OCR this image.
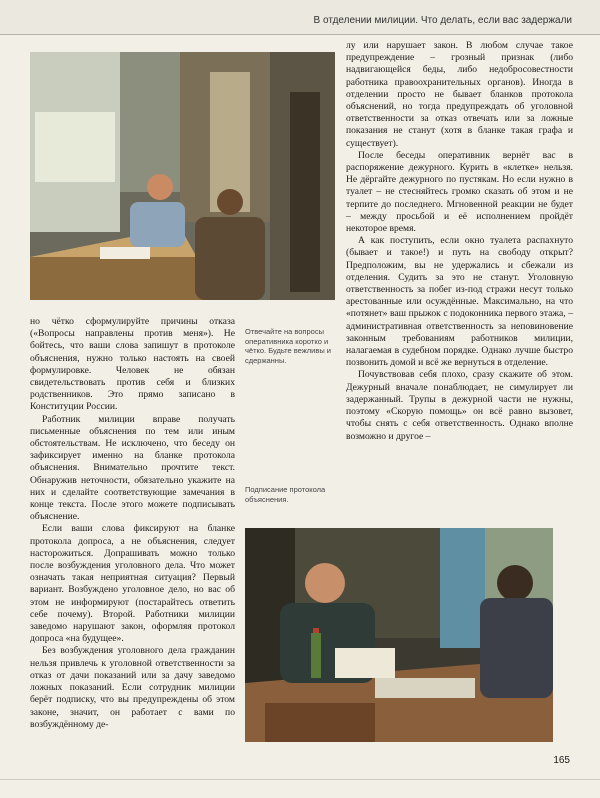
В отделении милиции. Что делать, если вас задержали
Отвечайте на вопросы оперативника коротко и чётко. Будьте вежливы и сдержанны.
Подписание протокола объяснения.

лу или нарушает закон. В любом случае такое предупреждение – грозный признак (либо надвигающейся беды, либо недобросовестности работника правоохранительных органов). Иногда в отделении просто не бывает бланков протокола объяснений, но тогда предупреждать об уголовной ответственности за отказ отвечать или за ложные показания не станут (хотя в бланке такая графа и существует).

После беседы оперативник вернёт вас в распоряжение дежурного. Курить в «клетке» нельзя. Не дёргайте дежурного по пустякам. Но если нужно в туалет – не стесняйтесь громко сказать об этом и не терпите до последнего. Мгновенной реакции не будет – между просьбой и её исполнением пройдёт некоторое время.

А как поступить, если окно туалета распахнуто (бывает и такое!) и путь на свободу открыт? Предположим, вы не удержались и сбежали из отделения. Судить за это не станут. Уголовную ответственность за побег из-под стражи несут только арестованные или осуждённые. Максимально, на что «потянет» ваш прыжок с подоконника первого этажа, – административная ответственность за неповиновение законным требованиям работников милиции, налагаемая в судебном порядке. Однако лучше быстро позвонить домой и всё же вернуться в отделение.

Почувствовав себя плохо, сразу скажите об этом. Дежурный вначале понаблюдает, не симулирует ли задержанный. Трупы в дежурной части не нужны, поэтому «Скорую помощь» он всё равно вызовет, чтобы снять с себя ответственность. Однако вполне возможно и другое –

но чётко сформулируйте причины отказа («Вопросы направлены против меня»). Не бойтесь, что ваши слова запишут в протоколе объяснения, нужно только настоять на своей формулировке. Человек не обязан свидетельствовать против себя и близких родственников. Это прямо записано в Конституции России.

Работник милиции вправе получать письменные объяснения по тем или иным обстоятельствам. Не исключено, что беседу он зафиксирует именно на бланке протокола объяснения. Внимательно прочтите текст. Обнаружив неточности, обязательно укажите на них и сделайте соответствующие замечания в конце текста. После этого можете подписывать объяснение.

Если ваши слова фиксируют на бланке протокола допроса, а не объяснения, следует насторожиться. Допрашивать можно только после возбуждения уголовного дела. Что может означать такая неприятная ситуация? Первый вариант. Возбуждено уголовное дело, но вас об этом не информируют (постарайтесь ответить себе почему). Второй. Работники милиции заведомо нарушают закон, оформляя протокол допроса «на будущее».

Без возбуждения уголовного дела гражданин нельзя привлечь к уголовной ответственности за отказ от дачи показаний или за дачу заведомо ложных показаний. Если сотрудник милиции берёт подписку, что вы предупреждены об этом законе, значит, он работает с вами по возбуждённому де-

165
